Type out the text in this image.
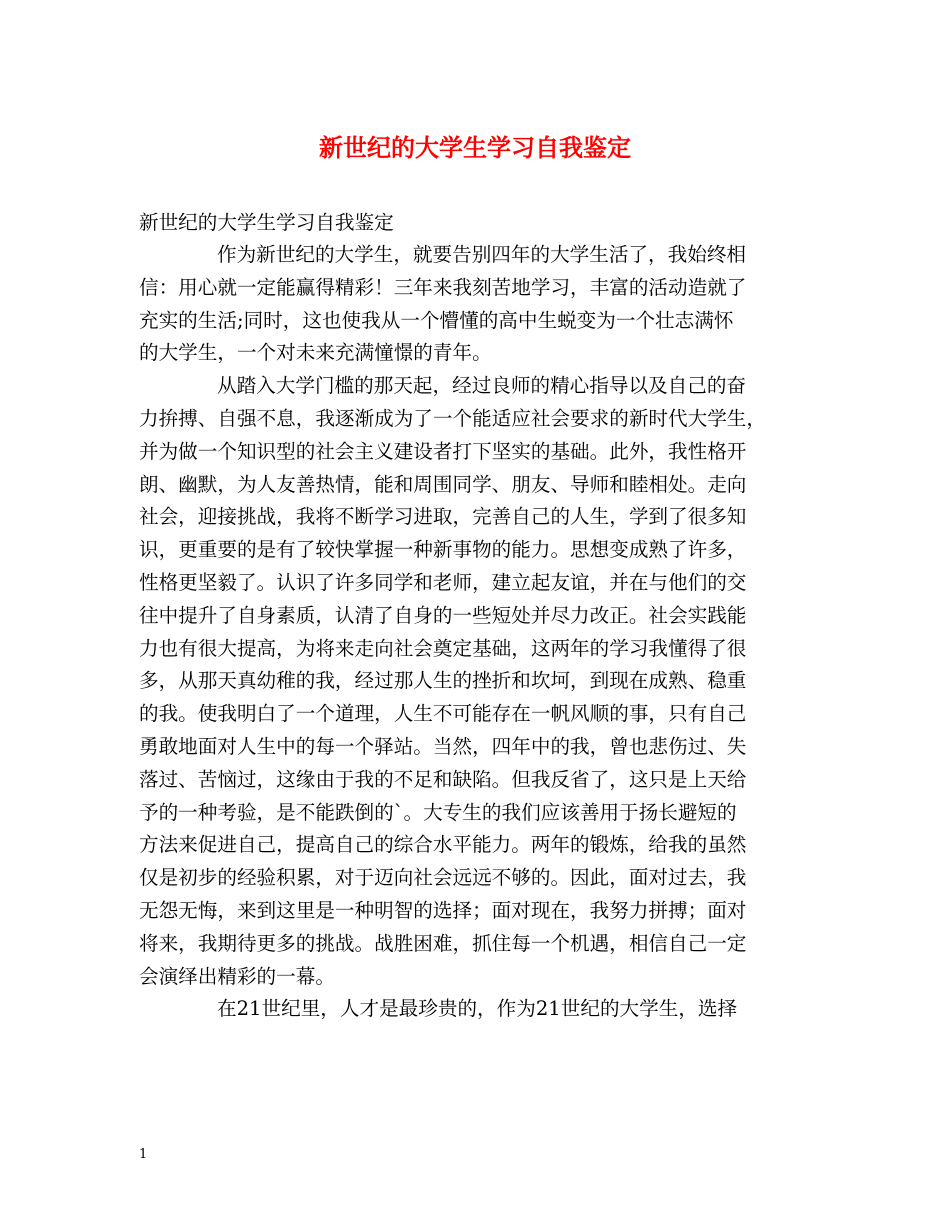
新世纪的大学生学习自我鉴定
新世纪的大学生学习自我鉴定
作为新世纪的大学生，就要告别四年的大学生活了，我始终相
信：用心就一定能赢得精彩！三年来我刻苦地学习，丰富的活动造就了
充实的生活;同时，这也使我从一个懵懂的高中生蜕变为一个壮志满怀
的大学生，一个对未来充满憧憬的青年。
从踏入大学门槛的那天起，经过良师的精心指导以及自己的奋
力拚搏、自强不息，我逐渐成为了一个能适应社会要求的新时代大学生，
并为做一个知识型的社会主义建设者打下坚实的基础。此外，我性格开
朗、幽默，为人友善热情，能和周围同学、朋友、导师和睦相处。走向
社会，迎接挑战，我将不断学习进取，完善自己的人生，学到了很多知
识，更重要的是有了较快掌握一种新事物的能力。思想变成熟了许多，
性格更坚毅了。认识了许多同学和老师，建立起友谊，并在与他们的交
往中提升了自身素质，认清了自身的一些短处并尽力改正。社会实践能
力也有很大提高，为将来走向社会奠定基础，这两年的学习我懂得了很
多，从那天真幼稚的我，经过那人生的挫折和坎坷，到现在成熟、稳重
的我。使我明白了一个道理，人生不可能存在一帆风顺的事，只有自己
勇敢地面对人生中的每一个驿站。当然，四年中的我，曾也悲伤过、失
落过、苦恼过，这缘由于我的不足和缺陷。但我反省了，这只是上天给
予的一种考验，是不能跌倒的`。大专生的我们应该善用于扬长避短的
方法来促进自己，提高自己的综合水平能力。两年的锻炼，给我的虽然
仅是初步的经验积累，对于迈向社会远远不够的。因此，面对过去，我
无怨无悔，来到这里是一种明智的选择；面对现在，我努力拼搏；面对
将来，我期待更多的挑战。战胜困难，抓住每一个机遇，相信自己一定
会演绎出精彩的一幕。
在21世纪里，人才是最珍贵的，作为21世纪的大学生，选择
1
